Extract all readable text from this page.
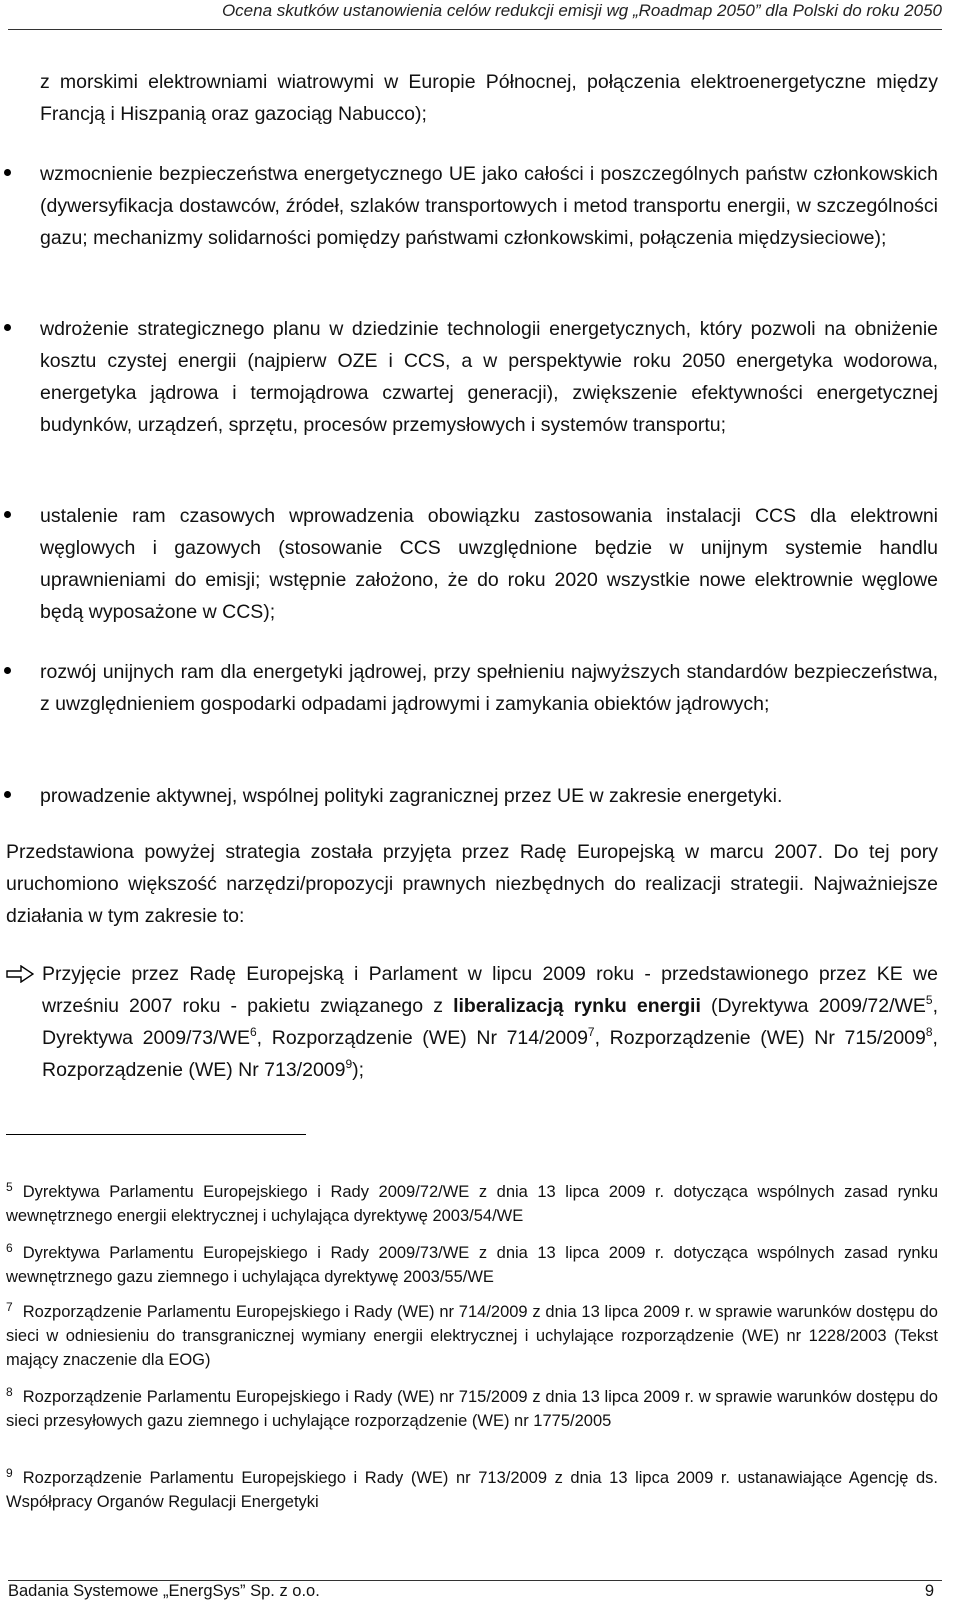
Ocena skutków ustanowienia celów redukcji emisji wg „Roadmap 2050” dla Polski do roku 2050
z morskimi elektrowniami wiatrowymi w Europie Północnej, połączenia elektroenergetyczne między Francją i Hiszpanią oraz gazociąg Nabucco);
wzmocnienie bezpieczeństwa energetycznego UE jako całości i poszczególnych państw członkowskich (dywersyfikacja dostawców, źródeł, szlaków transportowych i metod transportu energii, w szczególności gazu; mechanizmy solidarności pomiędzy państwami członkowskimi, połączenia międzysieciowe);
wdrożenie strategicznego planu w dziedzinie technologii energetycznych, który pozwoli na obniżenie kosztu czystej energii (najpierw OZE i CCS, a w perspektywie roku 2050 energetyka wodorowa, energetyka jądrowa i termojądrowa czwartej generacji), zwiększenie efektywności energetycznej budynków, urządzeń, sprzętu, procesów przemysłowych i systemów transportu;
ustalenie ram czasowych wprowadzenia obowiązku zastosowania instalacji CCS dla elektrowni węglowych i gazowych (stosowanie CCS uwzględnione będzie w unijnym systemie handlu uprawnieniami do emisji; wstępnie założono, że do roku 2020 wszystkie nowe elektrownie węglowe będą wyposażone w CCS);
rozwój unijnych ram dla energetyki jądrowej, przy spełnieniu najwyższych standardów bezpieczeństwa, z uwzględnieniem gospodarki odpadami jądrowymi i zamykania obiektów jądrowych;
prowadzenie aktywnej, wspólnej polityki zagranicznej przez UE w zakresie energetyki.
Przedstawiona powyżej strategia została przyjęta przez Radę Europejską w marcu 2007. Do tej pory uruchomiono większość narzędzi/propozycji prawnych niezbędnych do realizacji strategii. Najważniejsze działania w tym zakresie to:
Przyjęcie przez Radę Europejską i Parlament w lipcu 2009 roku - przedstawionego przez KE we wrześniu 2007 roku - pakietu związanego z liberalizacją rynku energii (Dyrektywa $2009/72/WE^5$, Dyrektywa $2009/73/WE^6$, Rozporządzenie (WE) Nr 714/2009$^7$, Rozporządzenie (WE) Nr 715/2009$^8$, Rozporządzenie (WE) Nr 713/2009$^9$);
$^5$ Dyrektywa Parlamentu Europejskiego i Rady 2009/72/WE z dnia 13 lipca 2009 r. dotycząca wspólnych zasad rynku wewnętrznego energii elektrycznej i uchylająca dyrektywę 2003/54/WE
$^6$ Dyrektywa Parlamentu Europejskiego i Rady 2009/73/WE z dnia 13 lipca 2009 r. dotycząca wspólnych zasad rynku wewnętrznego gazu ziemnego i uchylająca dyrektywę 2003/55/WE
$^7$ Rozporządzenie Parlamentu Europejskiego i Rady (WE) nr 714/2009 z dnia 13 lipca 2009 r. w sprawie warunków dostępu do sieci w odniesieniu do transgranicznej wymiany energii elektrycznej i uchylające rozporządzenie (WE) nr 1228/2003 (Tekst mający znaczenie dla EOG)
$^8$ Rozporządzenie Parlamentu Europejskiego i Rady (WE) nr 715/2009 z dnia 13 lipca 2009 r. w sprawie warunków dostępu do sieci przesyłowych gazu ziemnego i uchylające rozporządzenie (WE) nr 1775/2005
$^9$ Rozporządzenie Parlamentu Europejskiego i Rady (WE) nr 713/2009 z dnia 13 lipca 2009 r. ustanawiające Agencję ds. Współpracy Organów Regulacji Energetyki
Badania Systemowe „EnergSys” Sp. z o.o.	9
